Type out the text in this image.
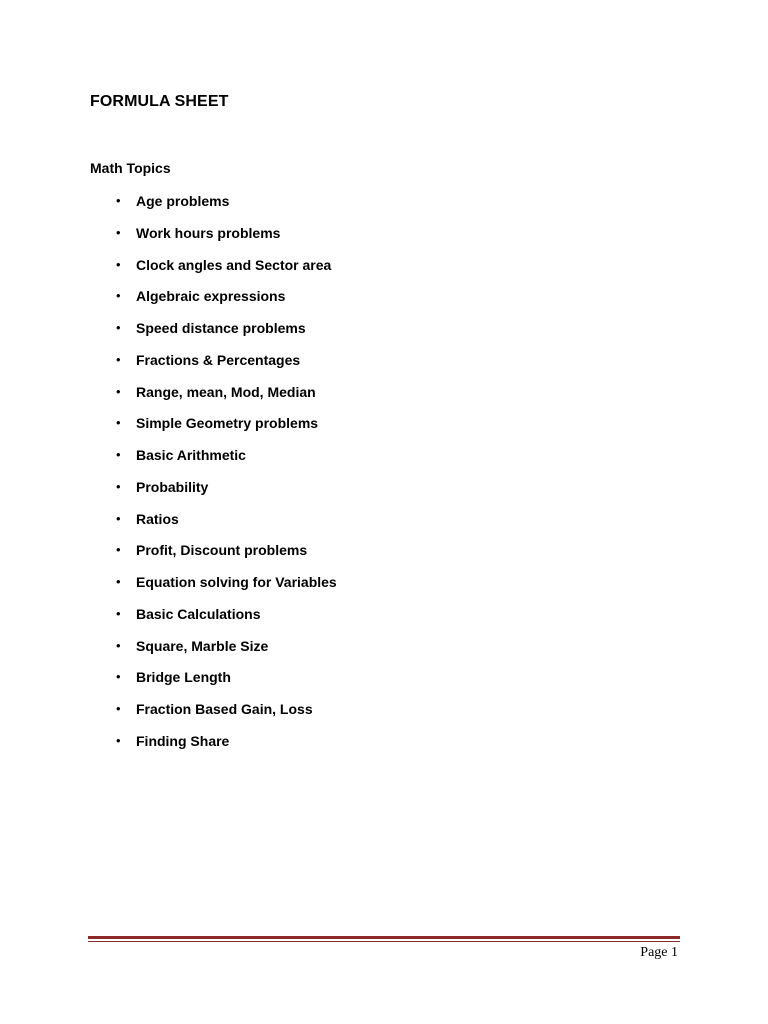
FORMULA SHEET
Math Topics
• Age problems
• Work hours problems
• Clock angles and Sector area
• Algebraic expressions
• Speed distance problems
• Fractions & Percentages
• Range, mean, Mod, Median
• Simple Geometry problems
• Basic Arithmetic
• Probability
• Ratios
• Profit, Discount problems
• Equation solving for Variables
• Basic Calculations
• Square, Marble Size
• Bridge Length
• Fraction Based Gain, Loss
• Finding Share
Page 1
